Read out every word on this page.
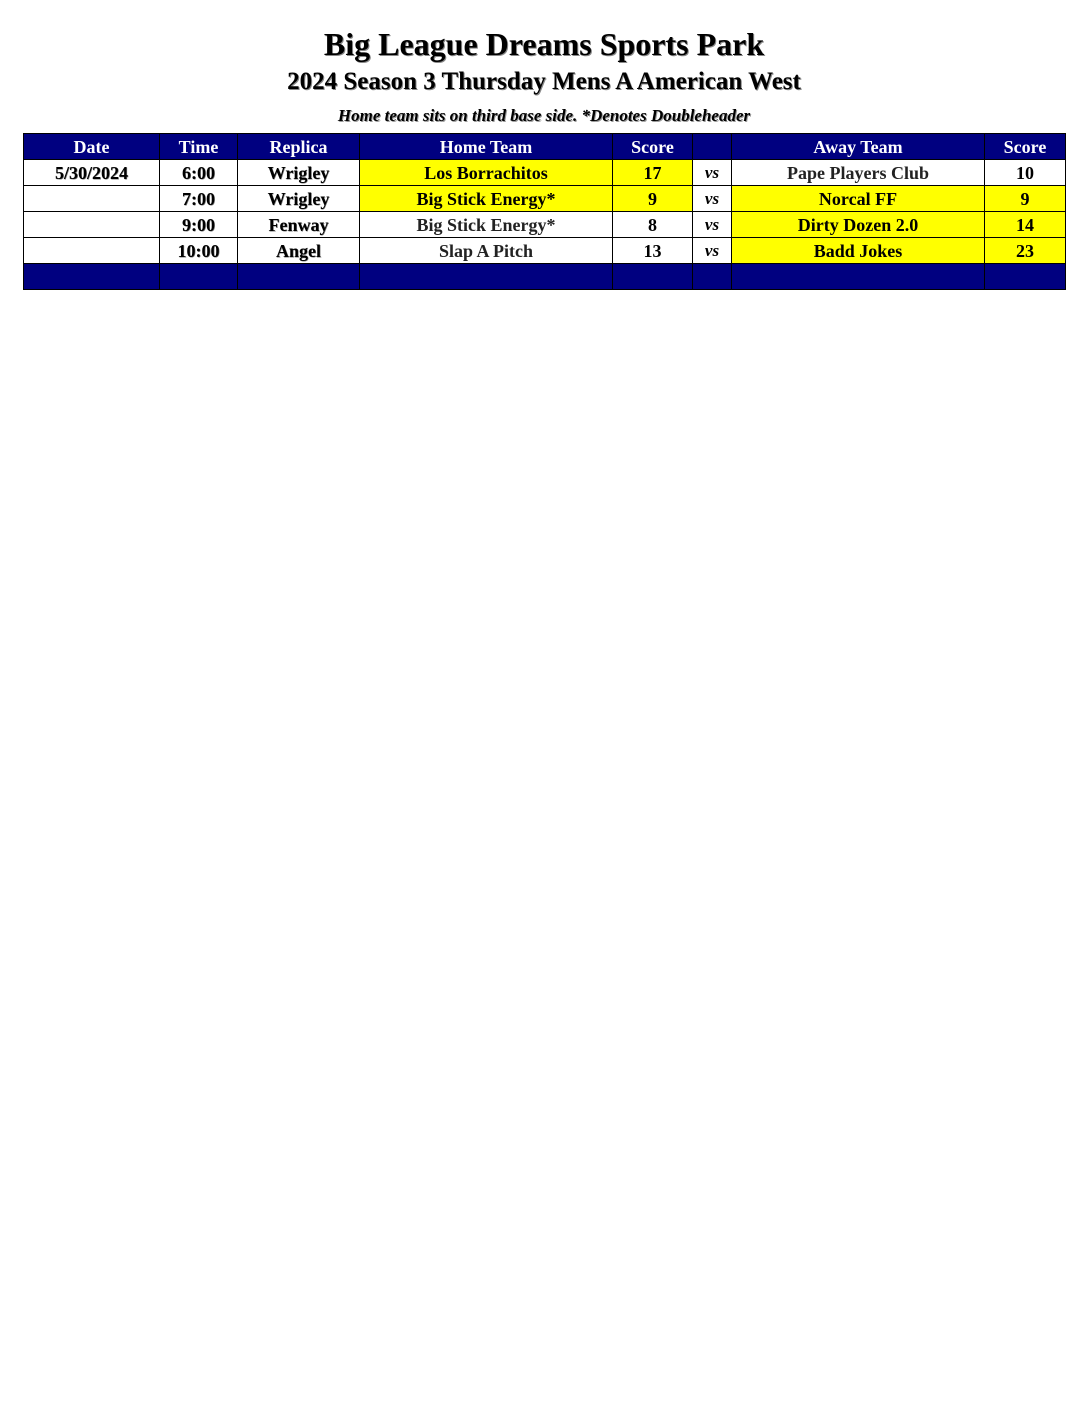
Big League Dreams Sports Park
2024 Season 3 Thursday Mens A American West
Home team sits on third base side. *Denotes Doubleheader
Date	Time	Replica	Home Team	Score		Away Team	Score
5/30/2024	6:00	Wrigley	Los Borrachitos	17	vs	Pape Players Club	10
	7:00	Wrigley	Big Stick Energy*	9	vs	Norcal FF	9
	9:00	Fenway	Big Stick Energy*	8	vs	Dirty Dozen 2.0	14
	10:00	Angel	Slap A Pitch	13	vs	Badd Jokes	23
